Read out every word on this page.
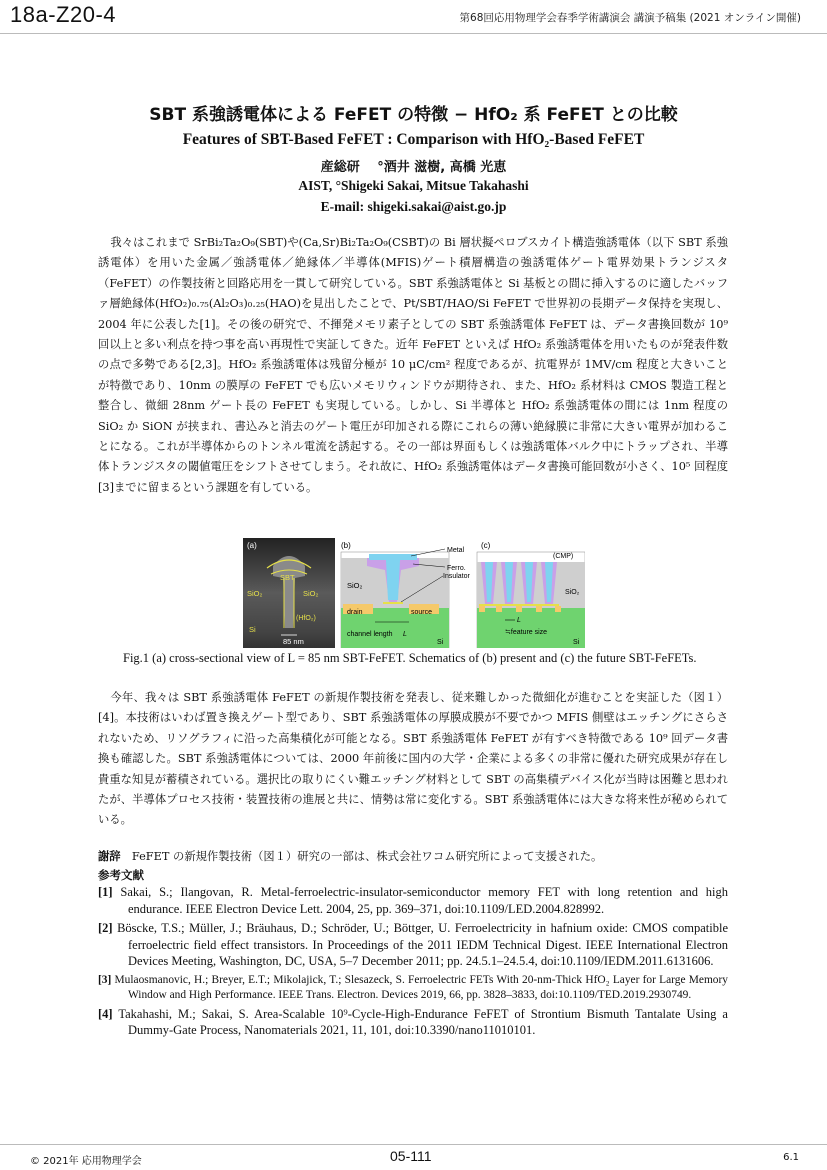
18a-Z20-4	第68回応用物理学会春季学術講演会 講演予稿集 (2021 オンライン開催)
SBT 系強誘電体による FeFET の特徴 − HfO₂ 系 FeFET との比較
Features of SBT-Based FeFET : Comparison with HfO₂-Based FeFET
産総研　 °酒井 滋樹, 高橋 光恵
AIST, °Shigeki Sakai, Mitsue Takahashi
E-mail: shigeki.sakai@aist.go.jp
我々はこれまで SrBi₂Ta₂O₉(SBT)や(Ca,Sr)Bi₂Ta₂O₉(CSBT)の Bi 層状擬ペロブスカイト構造強誘電体（以下 SBT 系強誘電体）を用いた金属／強誘電体／絶縁体／半導体(MFIS)ゲート積層構造の強誘電体ゲート電界効果トランジスタ（FeFET）の作製技術と回路応用を一貫して研究している。SBT 系強誘電体と Si 基板との間に挿入するのに適したバッファ層絶縁体(HfO₂)₀.₇₅(Al₂O₃)₀.₂₅(HAO)を見出したことで、Pt/SBT/HAO/Si FeFET で世界初の長期データ保持を実現し、2004 年に公表した[1]。その後の研究で、不揮発メモリ素子としての SBT 系強誘電体 FeFET は、データ書換回数が 10⁹ 回以上と多い利点を持つ事を高い再現性で実証してきた。近年 FeFET といえば HfO₂ 系強誘電体を用いたものが発表件数の点で多勢である[2,3]。HfO₂ 系強誘電体は残留分極が 10 μC/cm² 程度であるが、抗電界が 1MV/cm 程度と大きいことが特徴であり、10nm の膜厚の FeFET でも広いメモリウィンドウが期待され、また、HfO₂ 系材料は CMOS 製造工程と整合し、微細 28nm ゲート長の FeFET も実現している。しかし、Si 半導体と HfO₂ 系強誘電体の間には 1nm 程度の SiO₂ か SiON が挟まれ、書込みと消去のゲート電圧が印加される際にこれらの薄い絶縁膜に非常に大きい電界が加わることになる。これが半導体からのトンネル電流を誘起する。その一部は界面もしくは強誘電体バルク中にトラップされ、半導体トランジスタの閾値電圧をシフトさせてしまう。それ故に、HfO₂ 系強誘電体はデータ書換可能回数が小さく、10⁵ 回程度[3]までに留まるという課題を有している。
(a)
SBT
SiO₂	SiO₂
(HfO₂)
Si
85 nm
(b)
Metal
Ferro.
Insulator
SiO₂
drain	source
channel length L
Si
(c)
(CMP)
SiO₂
L
≒feature size
Si
Fig.1 (a) cross-sectional view of L = 85 nm SBT-FeFET. Schematics of (b) present and (c) the future SBT-FeFETs.
今年、我々は SBT 系強誘電体 FeFET の新規作製技術を発表し、従来難しかった微細化が進むことを実証した（図１）[4]。本技術はいわば置き換えゲート型であり、SBT 系強誘電体の厚膜成膜が不要でかつ MFIS 側壁はエッチングにさらされないため、リソグラフィに沿った高集積化が可能となる。SBT 系強誘電体 FeFET が有すべき特徴である 10⁹ 回データ書換も確認した。SBT 系強誘電体については、2000 年前後に国内の大学・企業による多くの非常に優れた研究成果が存在し貴重な知見が蓄積されている。選択比の取りにくい難エッチング材料として SBT の高集積デバイス化が当時は困難と思われたが、半導体プロセス技術・装置技術の進展と共に、情勢は常に変化する。SBT 系強誘電体には大きな将来性が秘められている。
謝辞　FeFET の新規作製技術（図１）研究の一部は、株式会社ワコム研究所によって支援された。
参考文献
[1] Sakai, S.; Ilangovan, R. Metal-ferroelectric-insulator-semiconductor memory FET with long retention and high endurance. IEEE Electron Device Lett. 2004, 25, pp. 369–371, doi:10.1109/LED.2004.828992.
[2] Böscke, T.S.; Müller, J.; Bräuhaus, D.; Schröder, U.; Böttger, U. Ferroelectricity in hafnium oxide: CMOS compatible ferroelectric field effect transistors. In Proceedings of the 2011 IEDM Technical Digest. IEEE International Electron Devices Meeting, Washington, DC, USA, 5–7 December 2011; pp. 24.5.1–24.5.4, doi:10.1109/IEDM.2011.6131606.
[3] Mulaosmanovic, H.; Breyer, E.T.; Mikolajick, T.; Slesazeck, S. Ferroelectric FETs With 20-nm-Thick HfO₂ Layer for Large Memory Window and High Performance. IEEE Trans. Electron. Devices 2019, 66, pp. 3828–3833, doi:10.1109/TED.2019.2930749.
[4] Takahashi, M.; Sakai, S. Area-Scalable 10⁹-Cycle-High-Endurance FeFET of Strontium Bismuth Tantalate Using a Dummy-Gate Process, Nanomaterials 2021, 11, 101, doi:10.3390/nano11010101.
© 2021年 応用物理学会	05-111	6.1
